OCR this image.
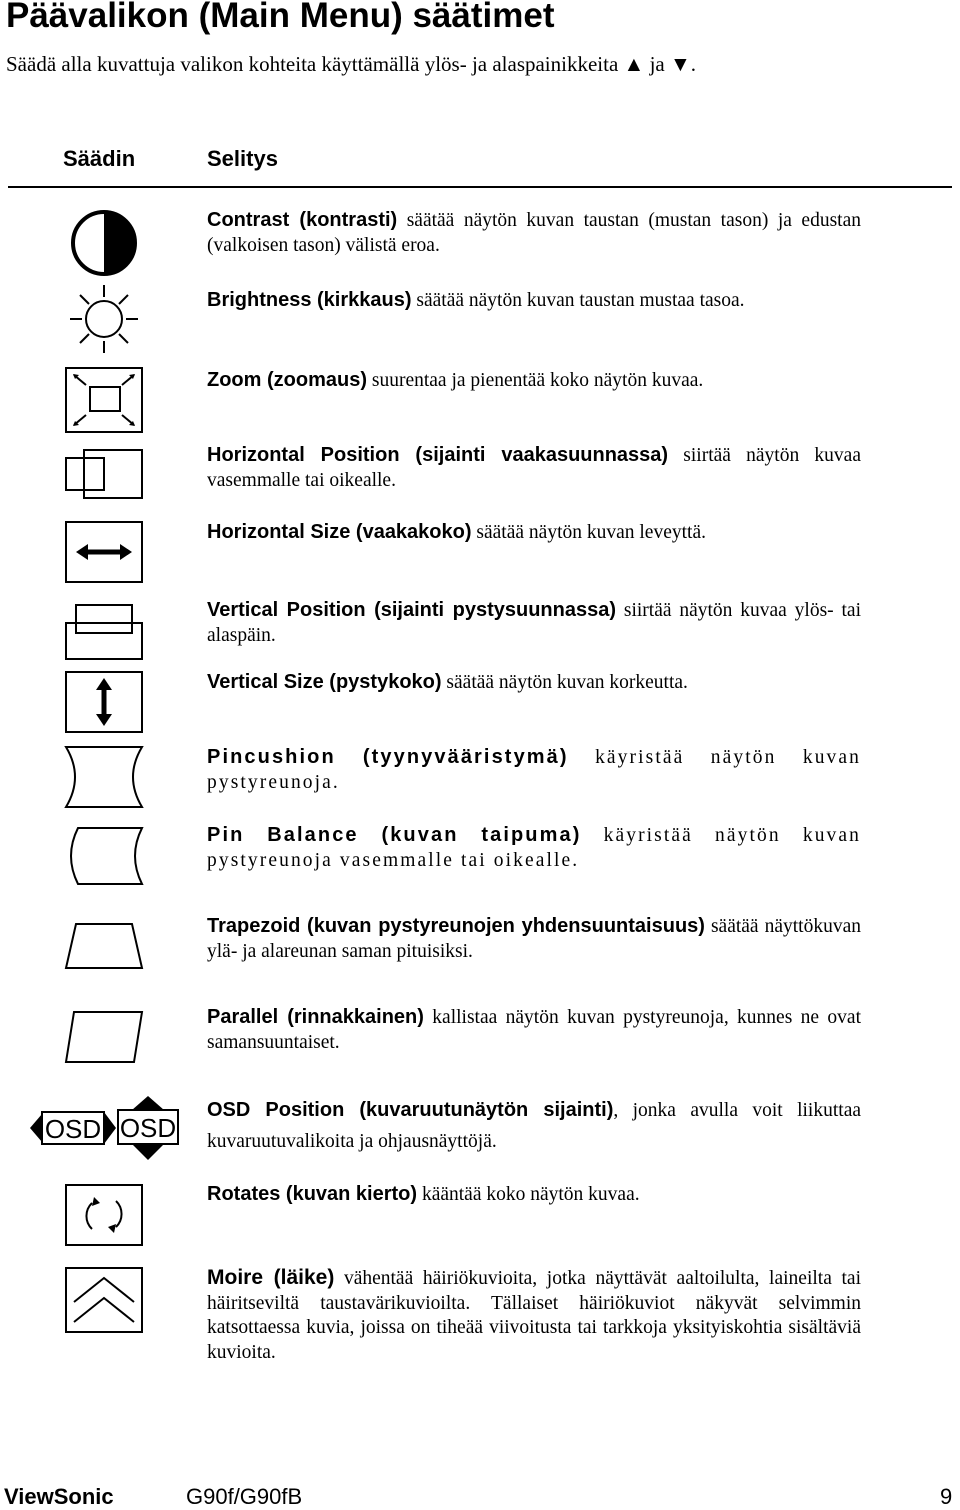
Päävalikon (Main Menu) säätimet
Säädä alla kuvattuja valikon kohteita käyttämällä ylös- ja alaspainikkeita ▲ ja ▼.
Säädin	Selitys
Contrast (kontrasti) säätää näytön kuvan taustan (mustan tason) ja edustan (valkoisen tason) välistä eroa.
Brightness (kirkkaus) säätää näytön kuvan taustan mustaa tasoa.
Zoom (zoomaus) suurentaa ja pienentää koko näytön kuvaa.
Horizontal Position (sijainti vaakasuunnassa) siirtää näytön kuvaa vasemmalle tai oikealle.
Horizontal Size (vaakakoko) säätää näytön kuvan leveyttä.
Vertical Position (sijainti pystysuunnassa) siirtää näytön kuvaa ylös- tai alaspäin.
Vertical Size (pystykoko) säätää näytön kuvan korkeutta.
Pincushion (tyynyvääristymä) käyristää näytön kuvan pystyreunoja.
Pin Balance (kuvan taipuma) käyristää näytön kuvan pystyreunoja vasemmalle tai oikealle.
Trapezoid (kuvan pystyreunojen yhdensuuntaisuus) säätää näyttökuvan ylä- ja alareunan saman pituisiksi.
Parallel (rinnakkainen) kallistaa näytön kuvan pystyreunoja, kunnes ne ovat samansuuntaiset.
OSD OSD
OSD Position (kuvaruutunäytön sijainti), jonka avulla voit liikuttaa kuvaruutuvalikoita ja ohjausnäyttöjä.
Rotates (kuvan kierto) kääntää koko näytön kuvaa.
Moire (läike) vähentää häiriökuvioita, jotka näyttävät aaltoilulta, laineilta tai häiritseviltä taustavärikuvioilta. Tällaiset häiriökuviot näkyvät selvimmin katsottaessa kuvia, joissa on tiheää viivoitusta tai tarkkoja yksityiskohtia sisältäviä kuvioita.
ViewSonic	G90f/G90fB	9
